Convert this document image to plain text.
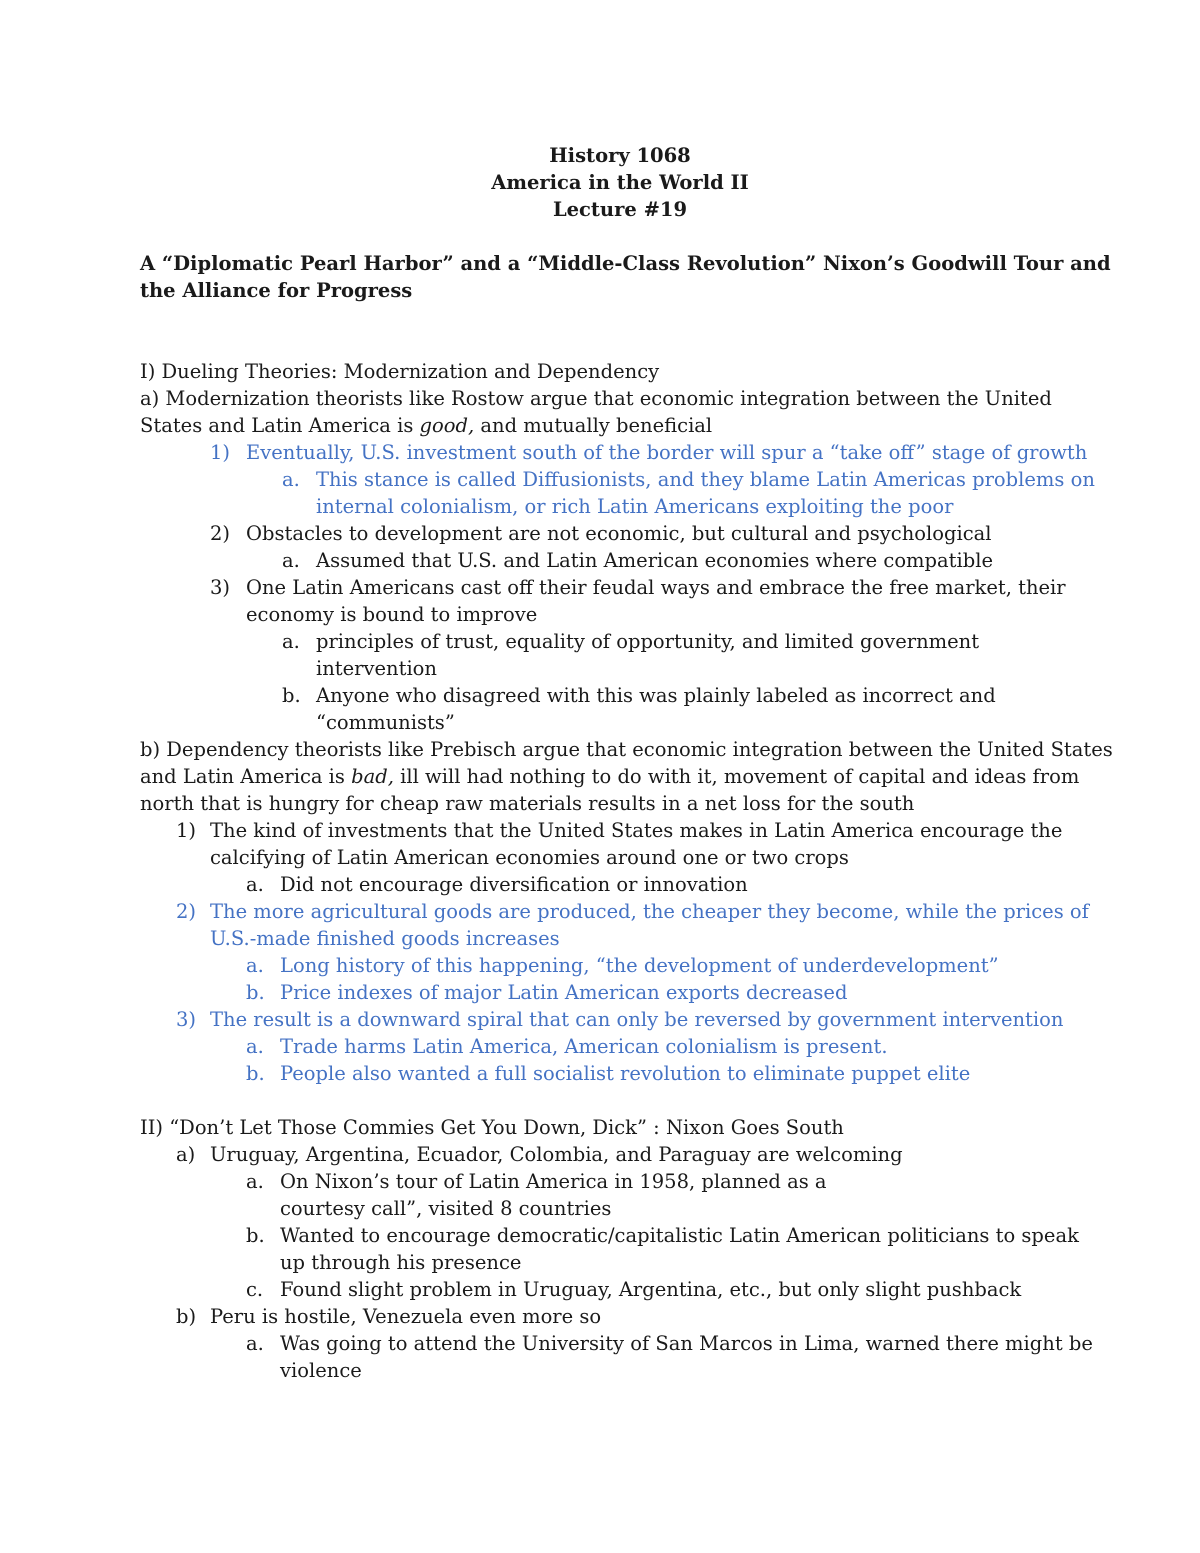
History 1068
America in the World II
Lecture #19
A “Diplomatic Pearl Harbor” and a “Middle-Class Revolution” Nixon’s Goodwill Tour and
the Alliance for Progress
I) Dueling Theories: Modernization and Dependency
a) Modernization theorists like Rostow argue that economic integration between the United
States and Latin America is good, and mutually beneficial
1) Eventually, U.S. investment south of the border will spur a “take off” stage of growth
a. This stance is called Diffusionists, and they blame Latin Americas problems on internal colonialism, or rich Latin Americans exploiting the poor
2) Obstacles to development are not economic, but cultural and psychological
a. Assumed that U.S. and Latin American economies where compatible
3) One Latin Americans cast off their feudal ways and embrace the free market, their economy is bound to improve
a. principles of trust, equality of opportunity, and limited government intervention
b. Anyone who disagreed with this was plainly labeled as incorrect and “communists”
b) Dependency theorists like Prebisch argue that economic integration between the United States
and Latin America is bad, ill will had nothing to do with it, movement of capital and ideas from
north that is hungry for cheap raw materials results in a net loss for the south
1) The kind of investments that the United States makes in Latin America encourage the calcifying of Latin American economies around one or two crops
a. Did not encourage diversification or innovation
2) The more agricultural goods are produced, the cheaper they become, while the prices of U.S.-made finished goods increases
a. Long history of this happening, “the development of underdevelopment”
b. Price indexes of major Latin American exports decreased
3) The result is a downward spiral that can only be reversed by government intervention
a. Trade harms Latin America, American colonialism is present.
b. People also wanted a full socialist revolution to eliminate puppet elite
II) “Don’t Let Those Commies Get You Down, Dick” : Nixon Goes South
a) Uruguay, Argentina, Ecuador, Colombia, and Paraguay are welcoming
a. On Nixon’s tour of Latin America in 1958, planned as a
courtesy call”, visited 8 countries
b. Wanted to encourage democratic/capitalistic Latin American politicians to speak up through his presence
c. Found slight problem in Uruguay, Argentina, etc., but only slight pushback
b) Peru is hostile, Venezuela even more so
a. Was going to attend the University of San Marcos in Lima, warned there might be violence
